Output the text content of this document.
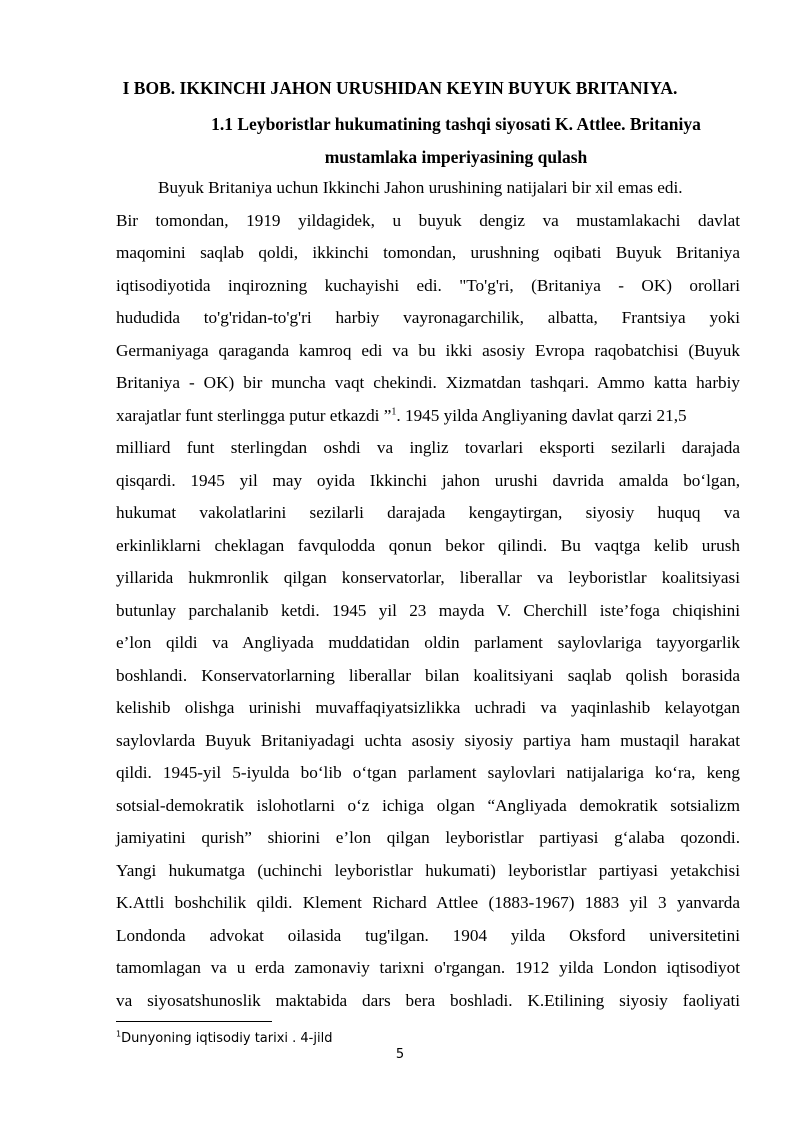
I BOB. IKKINCHI JAHON URUSHIDAN KEYIN BUYUK BRITANIYA.
1.1 Leyboristlar hukumatining tashqi siyosati K. Attlee. Britaniya
mustamlaka imperiyasining qulash
Buyuk Britaniya uchun Ikkinchi Jahon urushining natijalari bir xil emas edi.
Bir tomondan, 1919 yildagidek, u buyuk dengiz va mustamlakachi davlat
maqomini saqlab qoldi, ikkinchi tomondan, urushning oqibati Buyuk Britaniya
iqtisodiyotida inqirozning kuchayishi edi. "To'g'ri, (Britaniya - OK) orollari
hududida to'g'ridan-to'g'ri harbiy vayronagarchilik, albatta, Frantsiya yoki
Germaniyaga qaraganda kamroq edi va bu ikki asosiy Evropa raqobatchisi (Buyuk
Britaniya - OK) bir muncha vaqt chekindi. Xizmatdan tashqari. Ammo katta harbiy
xarajatlar funt sterlingga putur etkazdi ”$^1$. 1945 yilda Angliyaning davlat qarzi 21,5
milliard funt sterlingdan oshdi va ingliz tovarlari eksporti sezilarli darajada
qisqardi. 1945 yil may oyida Ikkinchi jahon urushi davrida amalda bo‘lgan,
hukumat vakolatlarini sezilarli darajada kengaytirgan, siyosiy huquq va
erkinliklarni cheklagan favqulodda qonun bekor qilindi. Bu vaqtga kelib urush
yillarida hukmronlik qilgan konservatorlar, liberallar va leyboristlar koalitsiyasi
butunlay parchalanib ketdi. 1945 yil 23 mayda V. Cherchill iste’foga chiqishini
e’lon qildi va Angliyada muddatidan oldin parlament saylovlariga tayyorgarlik
boshlandi. Konservatorlarning liberallar bilan koalitsiyani saqlab qolish borasida
kelishib olishga urinishi muvaffaqiyatsizlikka uchradi va yaqinlashib kelayotgan
saylovlarda Buyuk Britaniyadagi uchta asosiy siyosiy partiya ham mustaqil harakat
qildi. 1945-yil 5-iyulda bo‘lib o‘tgan parlament saylovlari natijalariga ko‘ra, keng
sotsial-demokratik islohotlarni o‘z ichiga olgan “Angliyada demokratik sotsializm
jamiyatini qurish” shiorini e’lon qilgan leyboristlar partiyasi g‘alaba qozondi.
Yangi hukumatga (uchinchi leyboristlar hukumati) leyboristlar partiyasi yetakchisi
K.Attli boshchilik qildi. Klement Richard Attlee (1883-1967) 1883 yil 3 yanvarda
Londonda advokat oilasida tug'ilgan. 1904 yilda Oksford universitetini
tamomlagan va u erda zamonaviy tarixni o'rgangan. 1912 yilda London iqtisodiyot
va siyosatshunoslik maktabida dars bera boshladi. K.Etilining siyosiy faoliyati
$^1$Dunyoning iqtisodiy tarixi . 4-jild
5
